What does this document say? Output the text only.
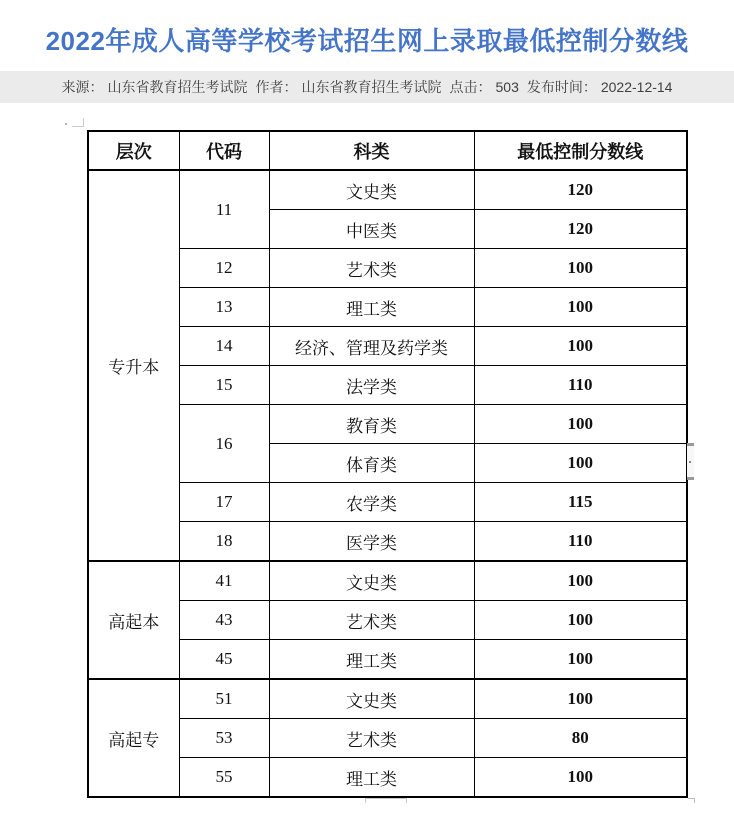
2022年成人高等学校考试招生网上录取最低控制分数线
来源： 山东省教育招生考试院 作者： 山东省教育招生考试院 点击： 503 发布时间： 2022-12-14
层次	代码	科类	最低控制分数线
专升本	11	文史类	120
		中医类	120
	12	艺术类	100
	13	理工类	100
	14	经济、管理及药学类	100
	15	法学类	110
	16	教育类	100
		体育类	100
	17	农学类	115
	18	医学类	110
高起本	41	文史类	100
	43	艺术类	100
	45	理工类	100
高起专	51	文史类	100
	53	艺术类	80
	55	理工类	100
